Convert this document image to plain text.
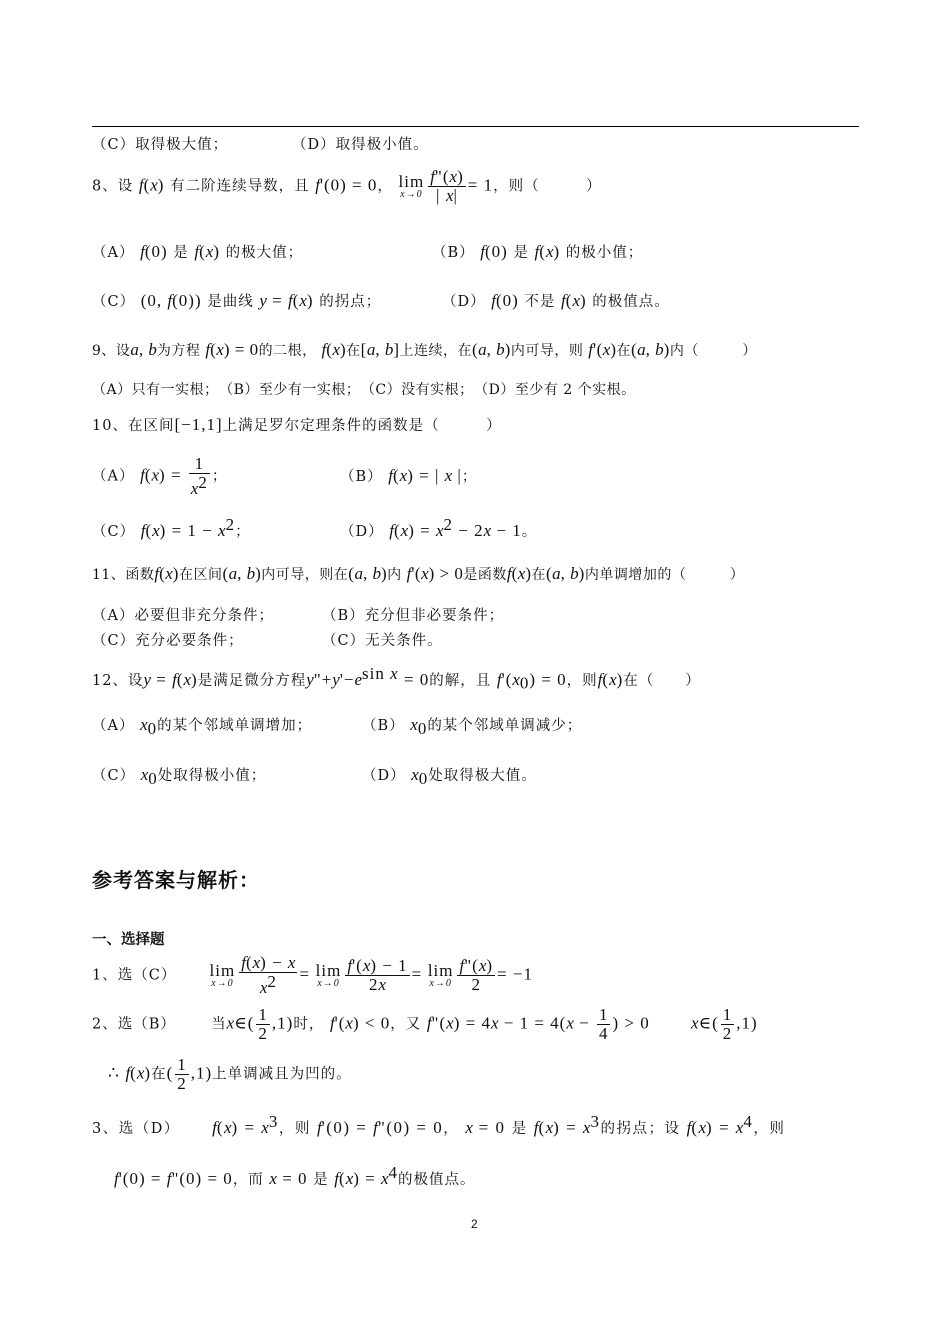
（C）取得极大值；	（D）取得极小值。
8、设 f(x) 有二阶连续导数，且 f'(0) = 0， lim
$x\to 0 \frac{f"(x)}{| x|} = 1$，则（　　　）
（A） f(0) 是 f(x) 的极大值；	（B） f(0) 是 f(x) 的极小值；
（C） (0, f(0)) 是曲线 y = f(x) 的拐点；	（D） f(0) 不是 f(x) 的极值点。
9、设a, b为方程 f(x) = 0的二根， f(x)在[a, b]上连续，在(a, b)内可导，则 f'(x)在(a, b)内（　　　）
（A）只有一实根；　（B）至少有一实根；　（C）没有实根；　（D）至少有 2 个实根。
10、在区间[−1,1]上满足罗尔定理条件的函数是（　　　）
（A） $f(x) = \frac{1}{x^2}$ ；	（B） f(x) = | x |；
（C） $f(x) = 1 - x^2$；	（D） $f(x) = x^2 - 2x - 1$。
11、函数f(x)在区间(a, b)内可导，则在(a, b)内 f'(x) > 0是函数f(x)在(a, b)内单调增加的（　　　）
（A）必要但非充分条件；	（B）充分但非必要条件；
（C）充分必要条件；	（C）无关条件。
12、设y = f(x)是满足微分方程$y"+y'-e^{sin x} = 0$的解，且 $f'(x_0) = 0$，则f(x)在（　　）
（A） $x_0$的某个邻域单调增加；	（B） $x_0$的某个邻域单调减少；
（C） $x_0$处取得极小值；	（D） $x_0$处取得极大值。
参考答案与解析：
一、选择题
1、选（C） lim
$x\to 0 \frac{f(x) - x}{x^2} = \lim$
$x\to 0 \frac{f'(x) - 1}{2x} = \lim$
$x\to 0 \frac{f"(x)}{2} = -1$
2、选（B） 当x∈( $\frac{1}{2} ,1$)时， f'(x) < 0，又 f"(x) = $4x - 1 = 4(x - \frac{1}{4}$ ) > 0 x∈( $\frac{1}{2} ,1$)
∴ f(x)在( $\frac{1}{2} ,1$)上单调减且为凹的。
3、选（D） $f(x) = x^3$，则 f'(0) = f"(0) = 0， x = 0 是 $f(x) = x^3$的拐点；设 $f(x) = x^4$，则
f'(0) = f"(0) = 0，而 x = 0 是 $f(x) = x^4$的极值点。
2
